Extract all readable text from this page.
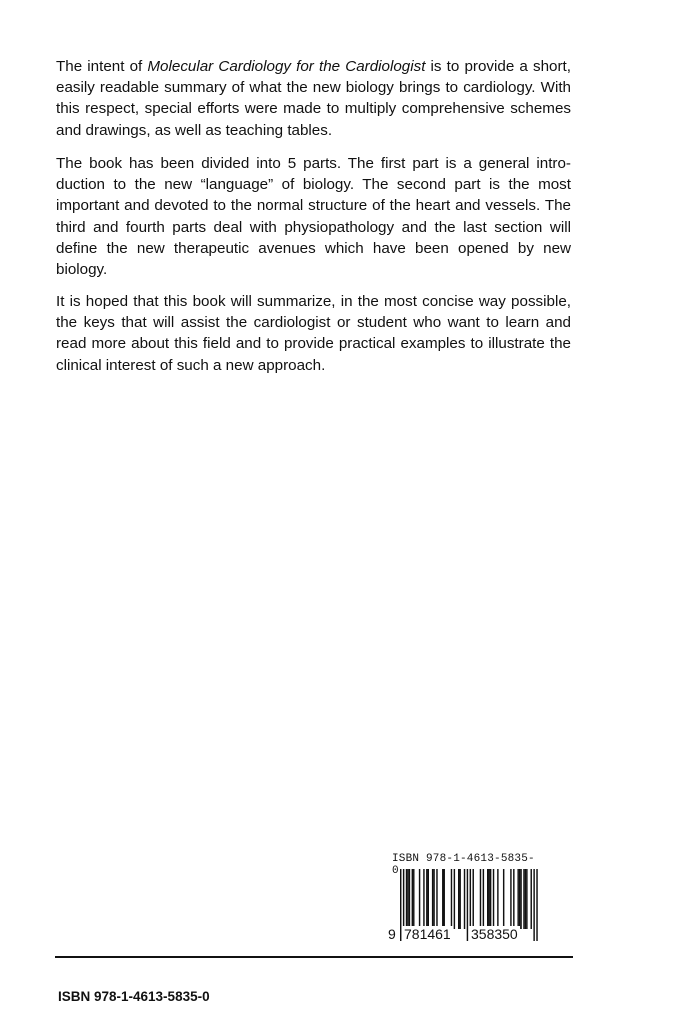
The intent of Molecular Cardiology for the Cardiologist is to provide a short, easily readable summary of what the new biology brings to cardiology. With this respect, special efforts were made to multiply comprehensive schemes and drawings, as well as teaching tables.

The book has been divided into 5 parts. The first part is a general intro-duction to the new “language” of biology. The second part is the most important and devoted to the normal structure of the heart and vessels. The third and fourth parts deal with physiopathology and the last section will define the new therapeutic avenues which have been opened by new biology.

It is hoped that this book will summarize, in the most concise way possible, the keys that will assist the cardiologist or student who want to learn and read more about this field and to provide practical examples to illustrate the clinical interest of such a new approach.

ISBN 978-1-4613-5835-0
9 781461 358350
ISBN 978-1-4613-5835-0
